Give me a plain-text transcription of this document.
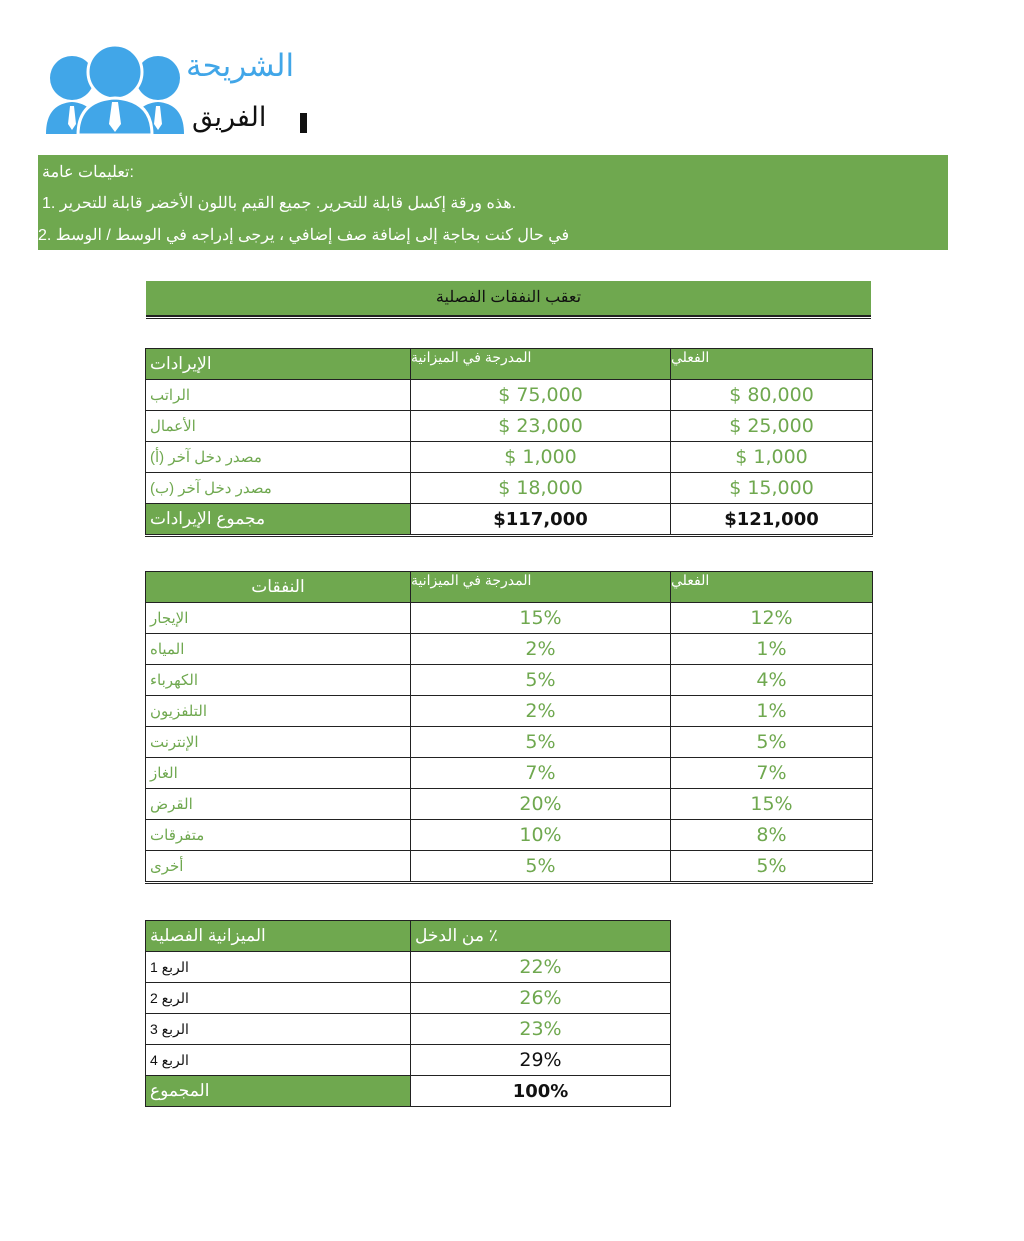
الشريحة
الفريق
تعليمات عامة:
1. هذه ورقة إكسل قابلة للتحرير. جميع القيم باللون الأخضر قابلة للتحرير.
2. في حال كنت بحاجة إلى إضافة صف إضافي ، يرجى إدراجه في الوسط / الوسط
تعقب النفقات الفصلية
الإيرادات	المدرجة في الميزانية	الفعلي
الراتب	$ 75,000	$ 80,000
الأعمال	$ 23,000	$ 25,000
مصدر دخل آخر (أ)	$ 1,000	$ 1,000
مصدر دخل آخر (ب)	$ 18,000	$ 15,000
مجموع الإيرادات	$117,000	$121,000
النفقات	المدرجة في الميزانية	الفعلي
الإيجار	15%	12%
المياه	2%	1%
الكهرباء	5%	4%
التلفزيون	2%	1%
الإنترنت	5%	5%
الغاز	7%	7%
القرض	20%	15%
متفرقات	10%	8%
أخرى	5%	5%
الميزانية الفصلية	من الدخل ٪
الربع 1	22%
الربع 2	26%
الربع 3	23%
الربع 4	29%
المجموع	100%
